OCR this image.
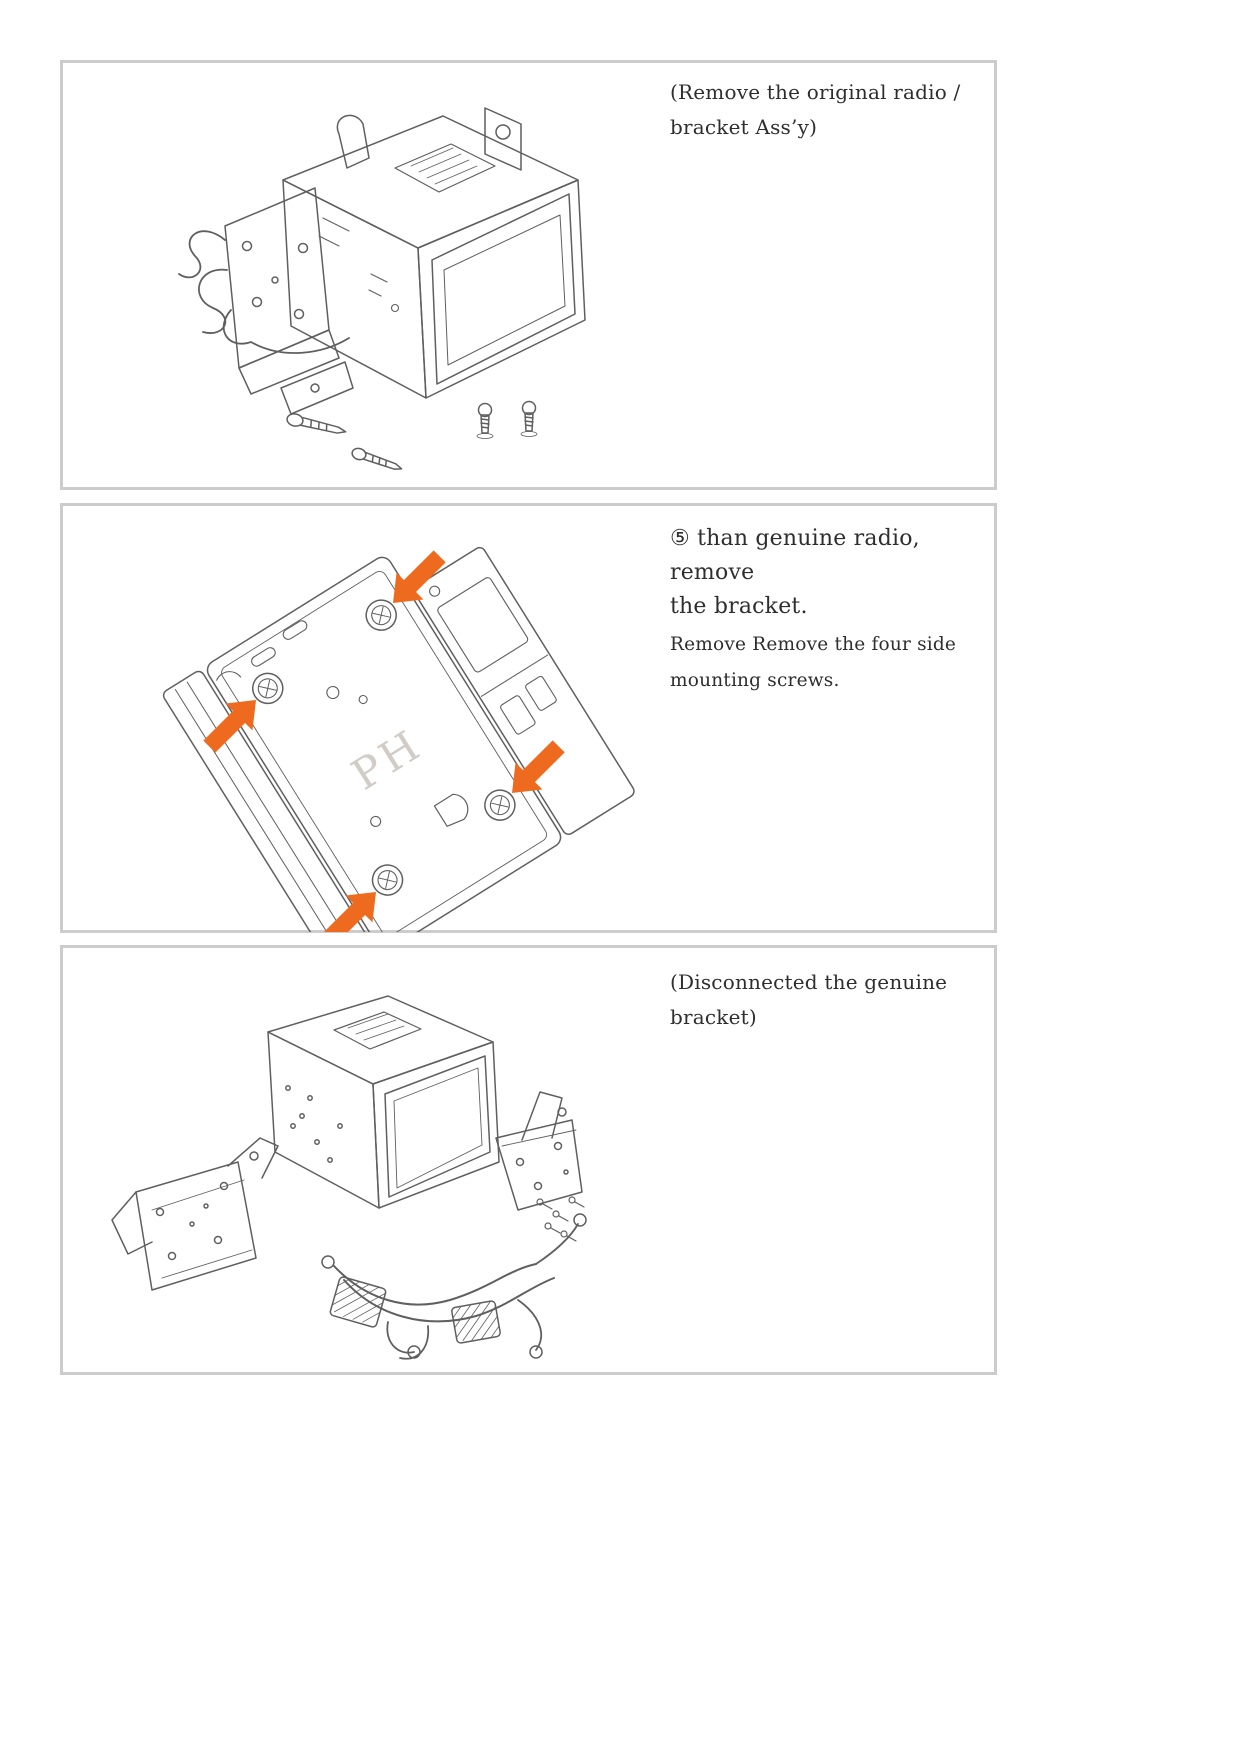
(Remove the original radio /

bracket Ass’y)

PH

⑤ than genuine radio, remove

the bracket.

Remove Remove the four side

mounting screws.

(Disconnected the genuine bracket)
